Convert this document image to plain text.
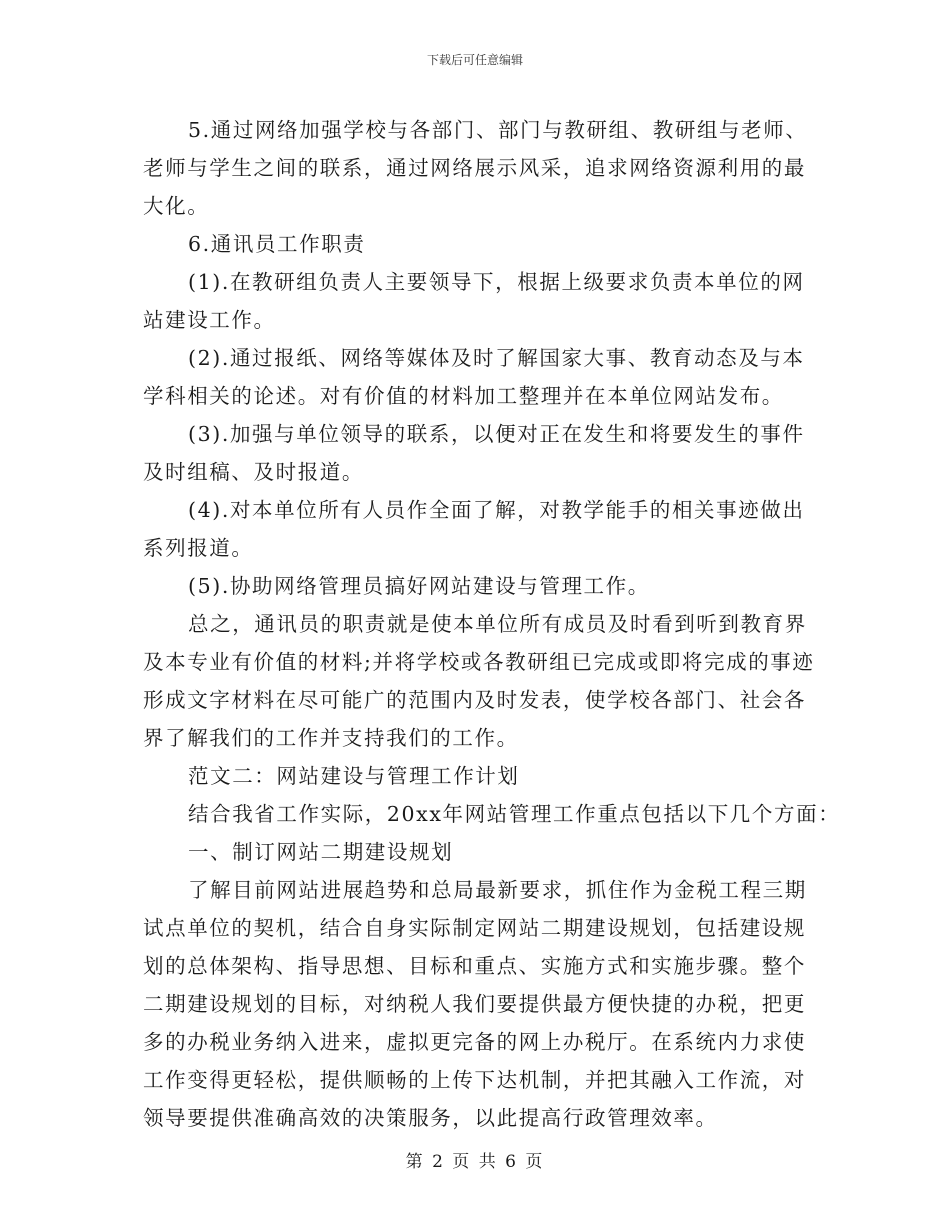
下载后可任意编辑
5.通过网络加强学校与各部门、部门与教研组、教研组与老师、
老师与学生之间的联系，通过网络展示风采，追求网络资源利用的最
大化。
6.通讯员工作职责
(1).在教研组负责人主要领导下，根据上级要求负责本单位的网
站建设工作。
(2).通过报纸、网络等媒体及时了解国家大事、教育动态及与本
学科相关的论述。对有价值的材料加工整理并在本单位网站发布。
(3).加强与单位领导的联系，以便对正在发生和将要发生的事件
及时组稿、及时报道。
(4).对本单位所有人员作全面了解，对教学能手的相关事迹做出
系列报道。
(5).协助网络管理员搞好网站建设与管理工作。
总之，通讯员的职责就是使本单位所有成员及时看到听到教育界
及本专业有价值的材料;并将学校或各教研组已完成或即将完成的事迹
形成文字材料在尽可能广的范围内及时发表，使学校各部门、社会各
界了解我们的工作并支持我们的工作。
范文二：网站建设与管理工作计划
结合我省工作实际，20xx年网站管理工作重点包括以下几个方面：
一、制订网站二期建设规划
了解目前网站进展趋势和总局最新要求，抓住作为金税工程三期
试点单位的契机，结合自身实际制定网站二期建设规划，包括建设规
划的总体架构、指导思想、目标和重点、实施方式和实施步骤。整个
二期建设规划的目标，对纳税人我们要提供最方便快捷的办税，把更
多的办税业务纳入进来，虚拟更完备的网上办税厅。在系统内力求使
工作变得更轻松，提供顺畅的上传下达机制，并把其融入工作流，对
领导要提供准确高效的决策服务，以此提高行政管理效率。
第 2 页 共 6 页
